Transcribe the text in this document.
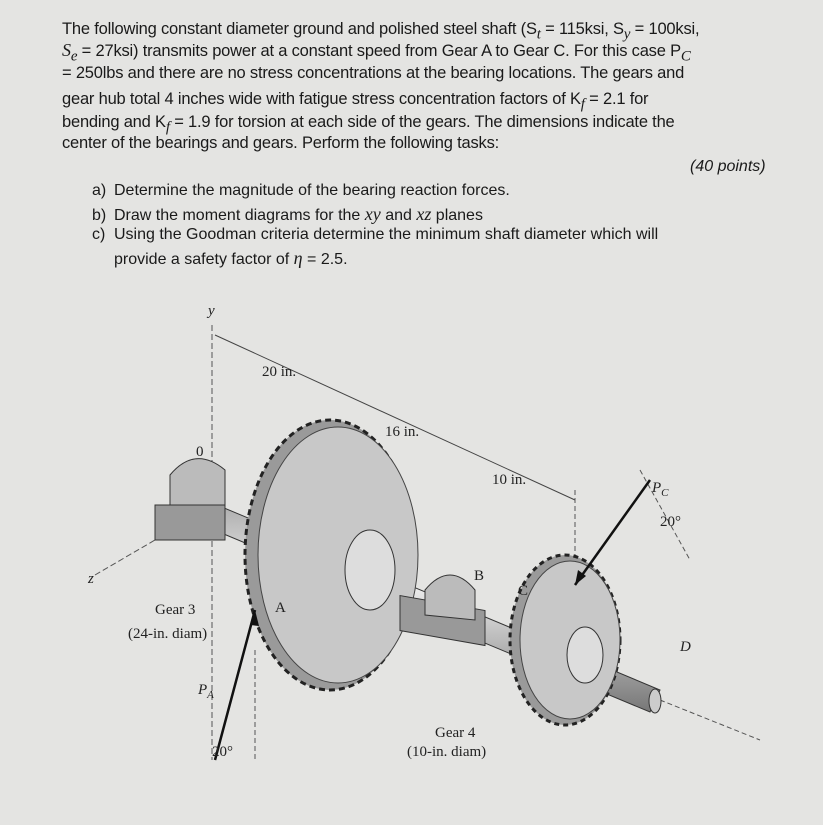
The following constant diameter ground and polished steel shaft ($S_t = 115ksi$, $S_y = 100ksi$,
$S_e = 27ksi$) transmits power at a constant speed from Gear A to Gear C. For this case $P_C$
= 250lbs and there are no stress concentrations at the bearing locations. The gears and
gear hub total 4 inches wide with fatigue stress concentration factors of $K_f = 2.1$ for
bending and $K_f = 1.9$ for torsion at each side of the gears. The dimensions indicate the
center of the bearings and gears. Perform the following tasks:
(40 points)
a) Determine the magnitude of the bearing reaction forces.
b) Draw the moment diagrams for the xy and xz planes
c) Using the Goodman criteria determine the minimum shaft diameter which will
provide a safety factor of η = 2.5.
y
z
0
20 in.
16 in.
10 in.	$P_C$
20°
Gear 3
(24-in. diam)
A
B
C
D
$P_A$
20°
Gear 4
(10-in. diam)
